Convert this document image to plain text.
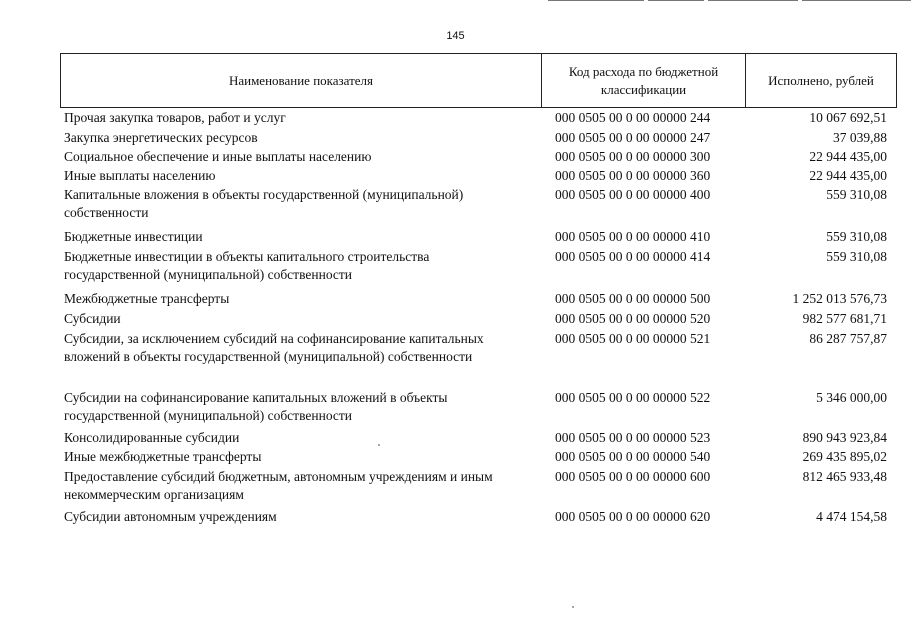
145
Наименование показателя
Код расхода по бюджетной классификации
Исполнено, рублей
Прочая закупка товаров, работ и услуг	000 0505 00 0 00 00000 244	10 067 692,51
Закупка энергетических ресурсов	000 0505 00 0 00 00000 247	37 039,88
Социальное обеспечение и иные выплаты населению	000 0505 00 0 00 00000 300	22 944 435,00
Иные выплаты населению	000 0505 00 0 00 00000 360	22 944 435,00
Капитальные вложения в объекты государственной (муниципальной) собственности
000 0505 00 0 00 00000 400	559 310,08
Бюджетные инвестиции	000 0505 00 0 00 00000 410	559 310,08
Бюджетные инвестиции в объекты капитального строительства государственной (муниципальной) собственности
000 0505 00 0 00 00000 414	559 310,08
Межбюджетные трансферты	000 0505 00 0 00 00000 500	1 252 013 576,73
Субсидии	000 0505 00 0 00 00000 520	982 577 681,71
Субсидии, за исключением субсидий на софинансирование капитальных вложений в объекты государственной (муниципальной) собственности
000 0505 00 0 00 00000 521	86 287 757,87
Субсидии на софинансирование капитальных вложений в объекты государственной (муниципальной) собственности
000 0505 00 0 00 00000 522	5 346 000,00
Консолидированные субсидии	000 0505 00 0 00 00000 523	890 943 923,84
Иные межбюджетные трансферты	000 0505 00 0 00 00000 540	269 435 895,02
Предоставление субсидий бюджетным, автономным учреждениям и иным некоммерческим организациям
000 0505 00 0 00 00000 600	812 465 933,48
Субсидии автономным учреждениям	000 0505 00 0 00 00000 620	4 474 154,58
